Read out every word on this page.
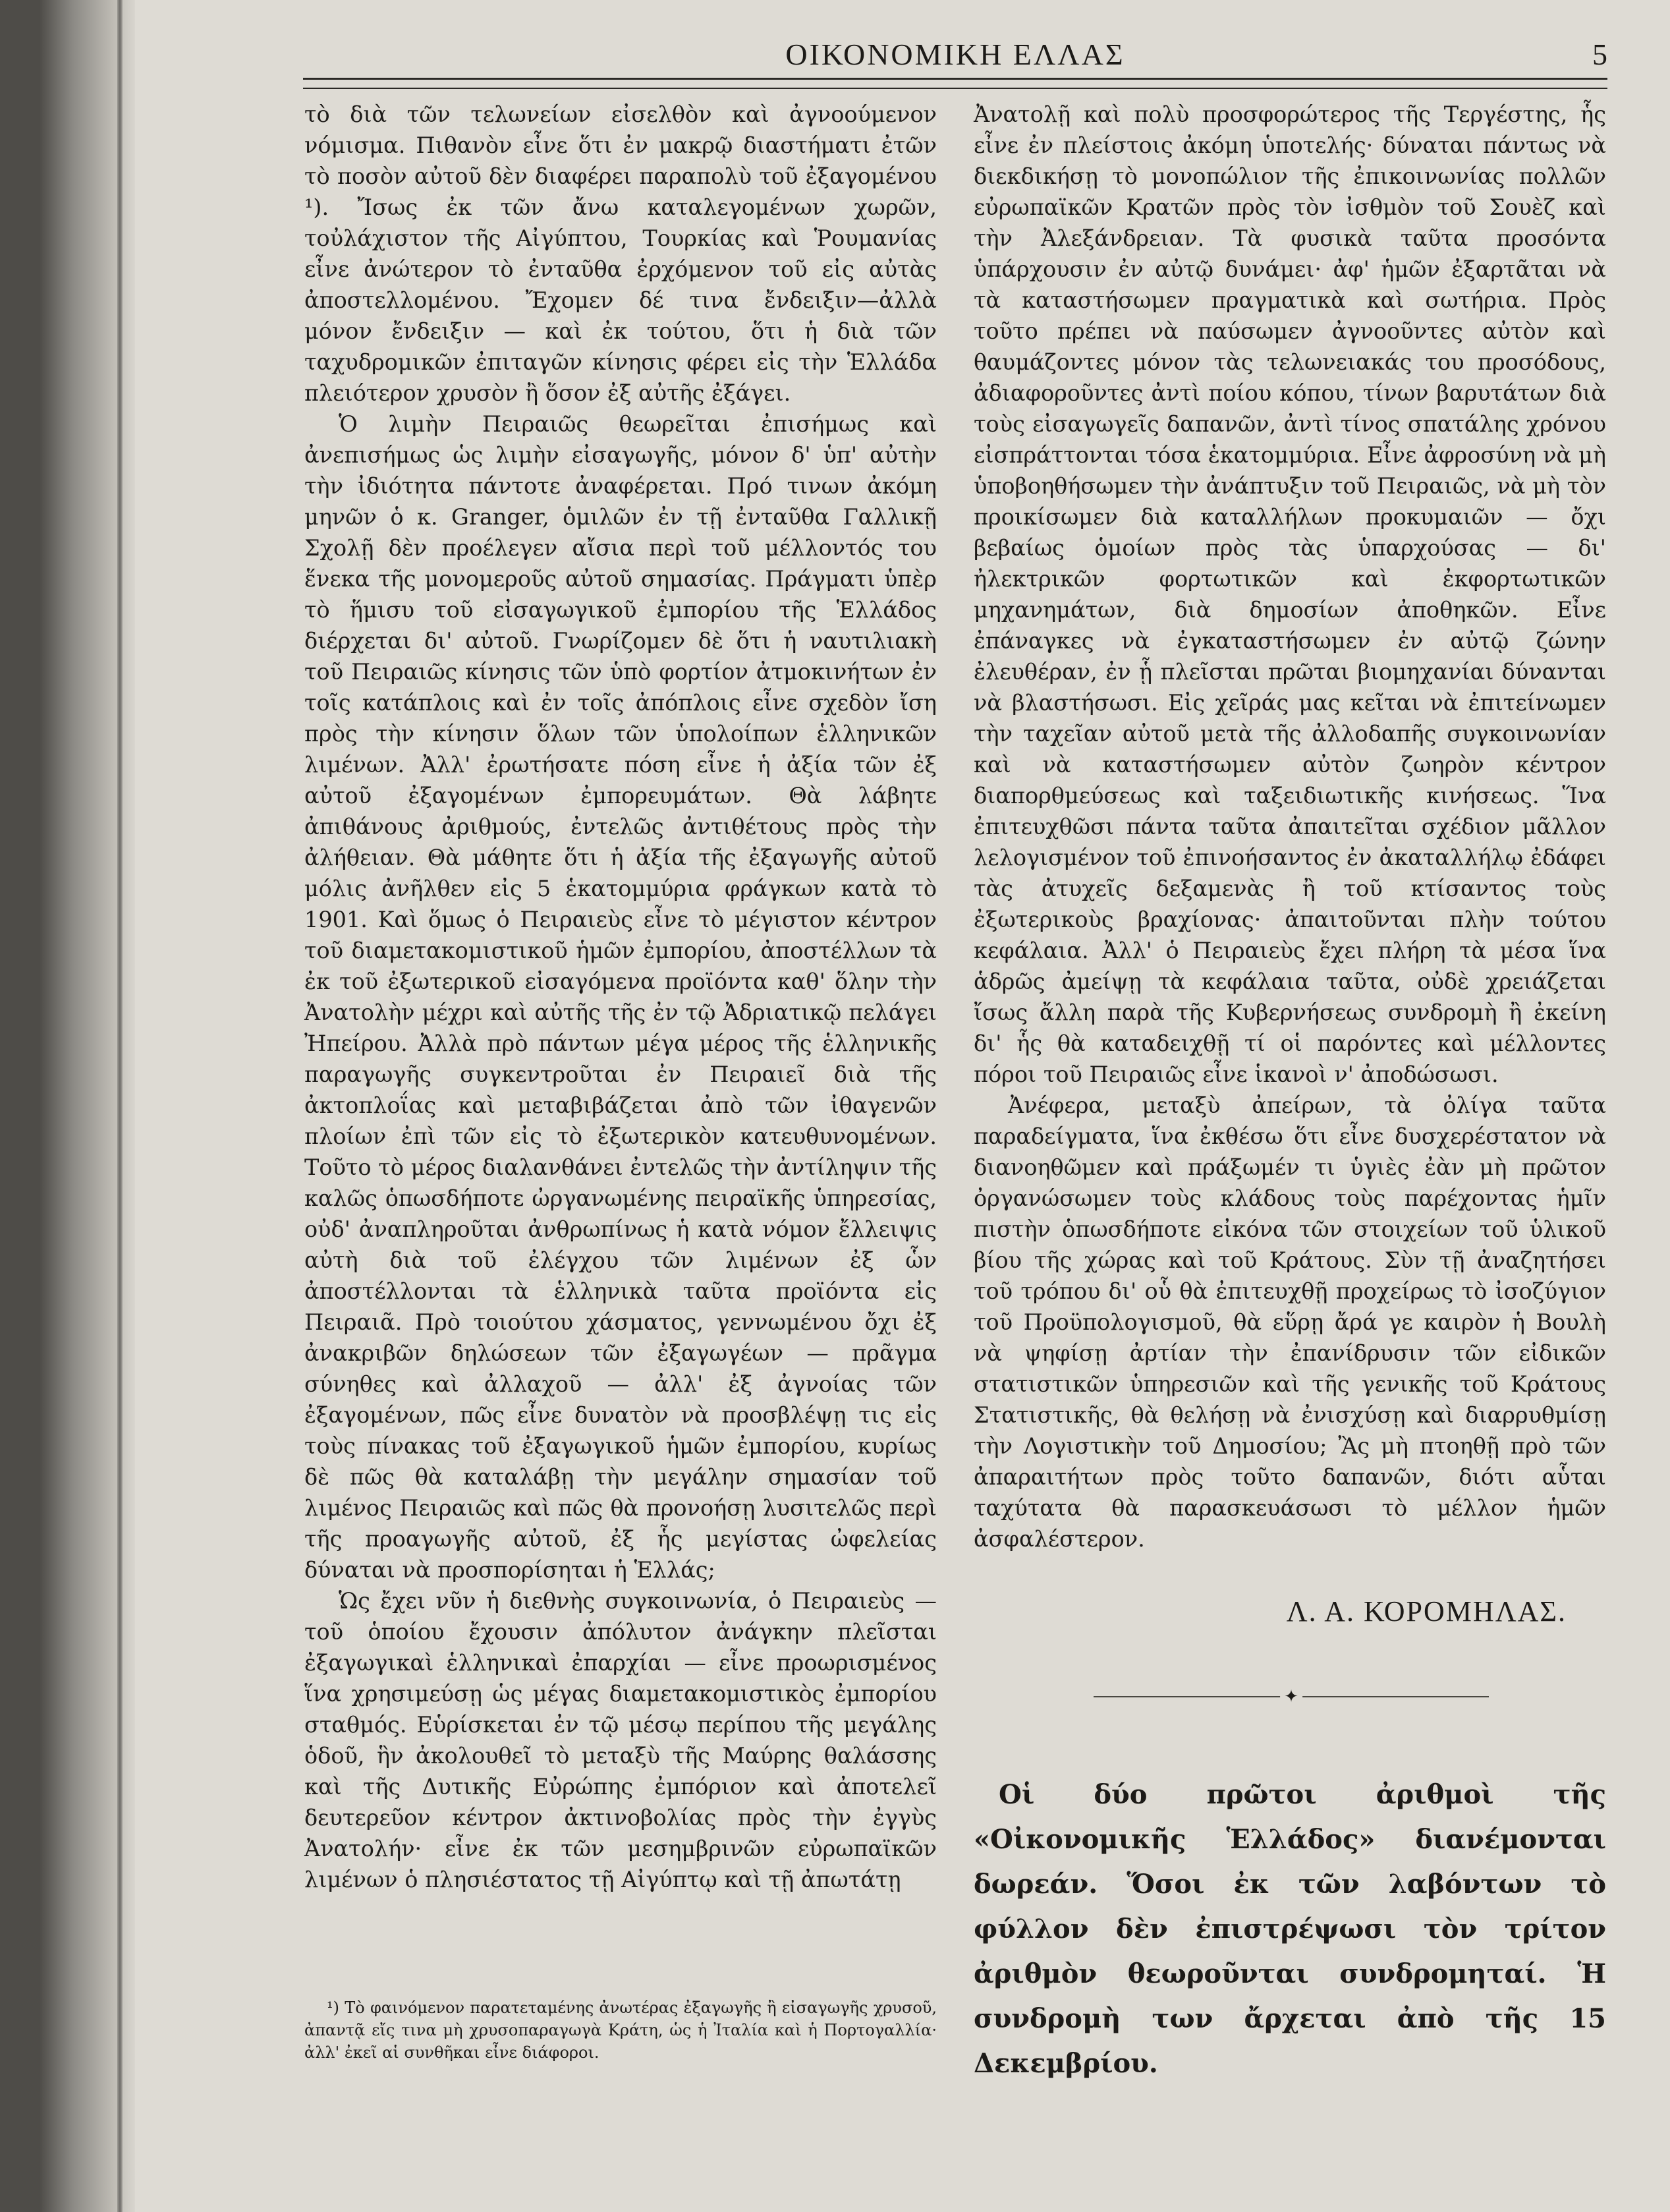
ΟΙΚΟΝΟΜΙΚΗ ΕΛΛΑΣ	5

τὸ διὰ τῶν τελωνείων εἰσελθὸν καὶ ἀγνοούμενον νόμισμα. Πιθανὸν εἶνε ὅτι ἐν μακρῷ διαστήματι ἐτῶν τὸ ποσὸν αὐτοῦ δὲν διαφέρει παραπολὺ τοῦ ἐξαγομένου ¹). Ἴσως ἐκ τῶν ἄνω καταλεγομένων χωρῶν, τοὐλάχιστον τῆς Αἰγύπτου, Τουρκίας καὶ Ῥουμανίας εἶνε ἀνώτερον τὸ ἐνταῦθα ἐρχόμενον τοῦ εἰς αὐτὰς ἀποστελλομένου. Ἔχομεν δέ τινα ἔνδειξιν—ἀλλὰ μόνον ἔνδειξιν — καὶ ἐκ τούτου, ὅτι ἡ διὰ τῶν ταχυδρομικῶν ἐπιταγῶν κίνησις φέρει εἰς τὴν Ἑλλάδα πλειότερον χρυσὸν ἢ ὅσον ἐξ αὐτῆς ἐξάγει.

Ὁ λιμὴν Πειραιῶς θεωρεῖται ἐπισήμως καὶ ἀνεπισήμως ὡς λιμὴν εἰσαγωγῆς, μόνον δ' ὑπ' αὐτὴν τὴν ἰδιότητα πάντοτε ἀναφέρεται. Πρό τινων ἀκόμη μηνῶν ὁ κ. Granger, ὁμιλῶν ἐν τῇ ἐνταῦθα Γαλλικῇ Σχολῇ δὲν προέλεγεν αἴσια περὶ τοῦ μέλλοντός του ἕνεκα τῆς μονομεροῦς αὐτοῦ σημασίας. Πράγματι ὑπὲρ τὸ ἥμισυ τοῦ εἰσαγωγικοῦ ἐμπορίου τῆς Ἑλλάδος διέρχεται δι' αὐτοῦ. Γνωρίζομεν δὲ ὅτι ἡ ναυτιλιακὴ τοῦ Πειραιῶς κίνησις τῶν ὑπὸ φορτίον ἀτμοκινήτων ἐν τοῖς κατάπλοις καὶ ἐν τοῖς ἀπόπλοις εἶνε σχεδὸν ἴση πρὸς τὴν κίνησιν ὅλων τῶν ὑπολοίπων ἑλληνικῶν λιμένων. Ἀλλ' ἐρωτήσατε πόση εἶνε ἡ ἀξία τῶν ἐξ αὐτοῦ ἐξαγομένων ἐμπορευμάτων. Θὰ λάβητε ἀπιθάνους ἀριθμούς, ἐντελῶς ἀντιθέτους πρὸς τὴν ἀλήθειαν. Θὰ μάθητε ὅτι ἡ ἀξία τῆς ἐξαγωγῆς αὐτοῦ μόλις ἀνῆλθεν εἰς 5 ἑκατομμύρια φράγκων κατὰ τὸ 1901. Καὶ ὅμως ὁ Πειραιεὺς εἶνε τὸ μέγιστον κέντρον τοῦ διαμετακομιστικοῦ ἡμῶν ἐμπορίου, ἀποστέλλων τὰ ἐκ τοῦ ἐξωτερικοῦ εἰσαγόμενα προϊόντα καθ' ὅλην τὴν Ἀνατολὴν μέχρι καὶ αὐτῆς τῆς ἐν τῷ Ἀδριατικῷ πελάγει Ἠπείρου. Ἀλλὰ πρὸ πάντων μέγα μέρος τῆς ἑλληνικῆς παραγωγῆς συγκεντροῦται ἐν Πειραιεῖ διὰ τῆς ἀκτοπλοΐας καὶ μεταβιβάζεται ἀπὸ τῶν ἰθαγενῶν πλοίων ἐπὶ τῶν εἰς τὸ ἐξωτερικὸν κατευθυνομένων. Τοῦτο τὸ μέρος διαλανθάνει ἐντελῶς τὴν ἀντίληψιν τῆς καλῶς ὁπωσδήποτε ὠργανωμένης πειραϊκῆς ὑπηρεσίας, οὐδ' ἀναπληροῦται ἀνθρωπίνως ἡ κατὰ νόμον ἔλλειψις αὐτὴ διὰ τοῦ ἐλέγχου τῶν λιμένων ἐξ ὧν ἀποστέλλονται τὰ ἑλληνικὰ ταῦτα προϊόντα εἰς Πειραιᾶ. Πρὸ τοιούτου χάσματος, γεννωμένου ὄχι ἐξ ἀνακριβῶν δηλώσεων τῶν ἐξαγωγέων — πρᾶγμα σύνηθες καὶ ἀλλαχοῦ — ἀλλ' ἐξ ἀγνοίας τῶν ἐξαγομένων, πῶς εἶνε δυνατὸν νὰ προσβλέψῃ τις εἰς τοὺς πίνακας τοῦ ἐξαγωγικοῦ ἡμῶν ἐμπορίου, κυρίως δὲ πῶς θὰ καταλάβῃ τὴν μεγάλην σημασίαν τοῦ λιμένος Πειραιῶς καὶ πῶς θὰ προνοήσῃ λυσιτελῶς περὶ τῆς προαγωγῆς αὐτοῦ, ἐξ ἧς μεγίστας ὠφελείας δύναται νὰ προσπορίσηται ἡ Ἑλλάς;

Ὡς ἔχει νῦν ἡ διεθνὴς συγκοινωνία, ὁ Πειραιεὺς — τοῦ ὁποίου ἔχουσιν ἀπόλυτον ἀνάγκην πλεῖσται ἐξαγωγικαὶ ἑλληνικαὶ ἐπαρχίαι — εἶνε προωρισμένος ἵνα χρησιμεύσῃ ὡς μέγας διαμετακομιστικὸς ἐμπορίου σταθμός. Εὑρίσκεται ἐν τῷ μέσῳ περίπου τῆς μεγάλης ὁδοῦ, ἣν ἀκολουθεῖ τὸ μεταξὺ τῆς Μαύρης θαλάσσης καὶ τῆς Δυτικῆς Εὐρώπης ἐμπόριον καὶ ἀποτελεῖ δευτερεῦον κέντρον ἀκτινοβολίας πρὸς τὴν ἐγγὺς Ἀνατολήν· εἶνε ἐκ τῶν μεσημβρινῶν εὐρωπαϊκῶν λιμένων ὁ πλησιέστατος τῇ Αἰγύπτῳ καὶ τῇ ἀπωτάτῃ

¹) Τὸ φαινόμενον παρατεταμένης ἀνωτέρας ἐξαγωγῆς ἢ εἰσαγωγῆς χρυσοῦ, ἀπαντᾷ εἴς τινα μὴ χρυσοπαραγωγὰ Κράτη, ὡς ἡ Ἰταλία καὶ ἡ Πορτογαλλία· ἀλλ' ἐκεῖ αἱ συνθῆκαι εἶνε διάφοροι.

Ἀνατολῇ καὶ πολὺ προσφορώτερος τῆς Τεργέστης, ἧς εἶνε ἐν πλείστοις ἀκόμη ὑποτελής· δύναται πάντως νὰ διεκδικήσῃ τὸ μονοπώλιον τῆς ἐπικοινωνίας πολλῶν εὐρωπαϊκῶν Κρατῶν πρὸς τὸν ἰσθμὸν τοῦ Σουὲζ καὶ τὴν Ἀλεξάνδρειαν. Τὰ φυσικὰ ταῦτα προσόντα ὑπάρχουσιν ἐν αὐτῷ δυνάμει· ἀφ' ἡμῶν ἐξαρτᾶται νὰ τὰ καταστήσωμεν πραγματικὰ καὶ σωτήρια. Πρὸς τοῦτο πρέπει νὰ παύσωμεν ἀγνοοῦντες αὐτὸν καὶ θαυμάζοντες μόνον τὰς τελωνειακάς του προσόδους, ἀδιαφοροῦντες ἀντὶ ποίου κόπου, τίνων βαρυτάτων διὰ τοὺς εἰσαγωγεῖς δαπανῶν, ἀντὶ τίνος σπατάλης χρόνου εἰσπράττονται τόσα ἑκατομμύρια. Εἶνε ἀφροσύνη νὰ μὴ ὑποβοηθήσωμεν τὴν ἀνάπτυξιν τοῦ Πειραιῶς, νὰ μὴ τὸν προικίσωμεν διὰ καταλλήλων προκυμαιῶν — ὄχι βεβαίως ὁμοίων πρὸς τὰς ὑπαρχούσας — δι' ἠλεκτρικῶν φορτωτικῶν καὶ ἐκφορτωτικῶν μηχανημάτων, διὰ δημοσίων ἀποθηκῶν. Εἶνε ἐπάναγκες νὰ ἐγκαταστήσωμεν ἐν αὐτῷ ζώνην ἐλευθέραν, ἐν ᾗ πλεῖσται πρῶται βιομηχανίαι δύνανται νὰ βλαστήσωσι. Εἰς χεῖράς μας κεῖται νὰ ἐπιτείνωμεν τὴν ταχεῖαν αὐτοῦ μετὰ τῆς ἀλλοδαπῆς συγκοινωνίαν καὶ νὰ καταστήσωμεν αὐτὸν ζωηρὸν κέντρον διαπορθμεύσεως καὶ ταξειδιωτικῆς κινήσεως. Ἵνα ἐπιτευχθῶσι πάντα ταῦτα ἀπαιτεῖται σχέδιον μᾶλλον λελογισμένον τοῦ ἐπινοήσαντος ἐν ἀκαταλλήλῳ ἐδάφει τὰς ἀτυχεῖς δεξαμενὰς ἢ τοῦ κτίσαντος τοὺς ἐξωτερικοὺς βραχίονας· ἀπαιτοῦνται πλὴν τούτου κεφάλαια. Ἀλλ' ὁ Πειραιεὺς ἔχει πλήρη τὰ μέσα ἵνα ἁδρῶς ἀμείψῃ τὰ κεφάλαια ταῦτα, οὐδὲ χρειάζεται ἴσως ἄλλη παρὰ τῆς Κυβερνήσεως συνδρομὴ ἢ ἐκείνη δι' ἧς θὰ καταδειχθῇ τί οἱ παρόντες καὶ μέλλοντες πόροι τοῦ Πειραιῶς εἶνε ἱκανοὶ ν' ἀποδώσωσι.

Ἀνέφερα, μεταξὺ ἀπείρων, τὰ ὀλίγα ταῦτα παραδείγματα, ἵνα ἐκθέσω ὅτι εἶνε δυσχερέστατον νὰ διανοηθῶμεν καὶ πράξωμέν τι ὑγιὲς ἐὰν μὴ πρῶτον ὀργανώσωμεν τοὺς κλάδους τοὺς παρέχοντας ἡμῖν πιστὴν ὁπωσδήποτε εἰκόνα τῶν στοιχείων τοῦ ὑλικοῦ βίου τῆς χώρας καὶ τοῦ Κράτους. Σὺν τῇ ἀναζητήσει τοῦ τρόπου δι' οὗ θὰ ἐπιτευχθῇ προχείρως τὸ ἰσοζύγιον τοῦ Προϋπολογισμοῦ, θὰ εὕρῃ ἄρά γε καιρὸν ἡ Βουλὴ νὰ ψηφίσῃ ἀρτίαν τὴν ἐπανίδρυσιν τῶν εἰδικῶν στατιστικῶν ὑπηρεσιῶν καὶ τῆς γενικῆς τοῦ Κράτους Στατιστικῆς, θὰ θελήσῃ νὰ ἐνισχύσῃ καὶ διαρρυθμίσῃ τὴν Λογιστικὴν τοῦ Δημοσίου; Ἂς μὴ πτοηθῇ πρὸ τῶν ἀπαραιτήτων πρὸς τοῦτο δαπανῶν, διότι αὗται ταχύτατα θὰ παρασκευάσωσι τὸ μέλλον ἡμῶν ἀσφαλέστερον.

Λ. Α. ΚΟΡΟΜΗΛΑΣ.
✦
Οἱ δύο πρῶτοι ἀριθμοὶ τῆς «Οἰκονομικῆς Ἑλλάδος» διανέμονται δωρεάν. Ὅσοι ἐκ τῶν λαβόντων τὸ φύλλον δὲν ἐπιστρέψωσι τὸν τρίτον ἀριθμὸν θεωροῦνται συνδρομηταί. Ἡ συνδρομὴ των ἄρχεται ἀπὸ τῆς 15 Δεκεμβρίου.
